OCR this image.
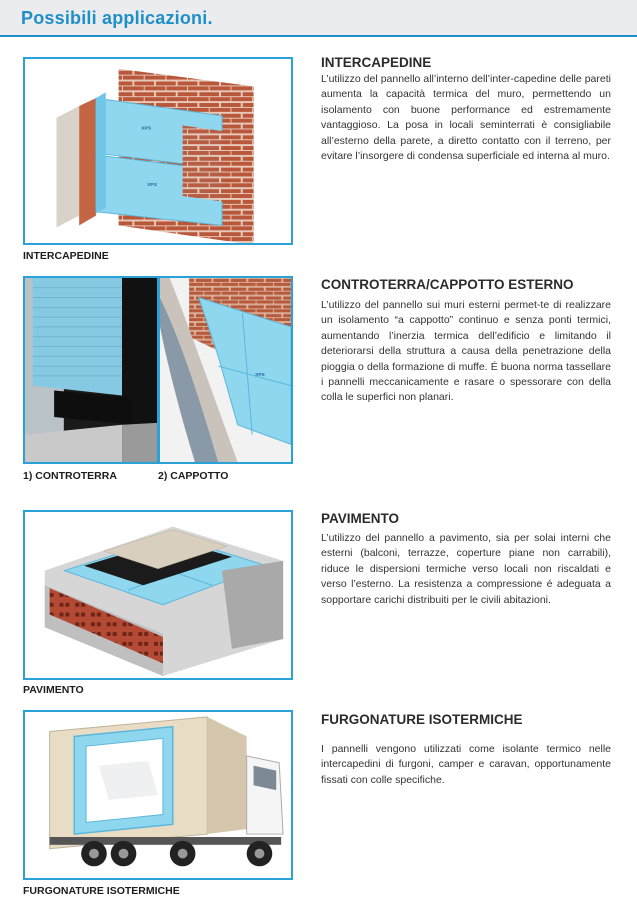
Possibili applicazioni.
XPS
XPS
INTERCAPEDINE
INTERCAPEDINE

L’utilizzo del pannello all’interno dell’inter-capedine delle pareti aumenta la capacità termica del muro, permettendo un isolamento con buone performance ed estremamente vantaggioso. La posa in locali seminterrati è consigliabile all’esterno della parete, a diretto contatto con il terreno, per evitare l’insorgere di condensa superficiale ed interna al muro.

1) CONTROTERRA
XPS
2) CAPPOTTO
CONTROTERRA/CAPPOTTO ESTERNO

L’utilizzo del pannello sui muri esterni permet-te di realizzare un isolamento “a cappotto” continuo e senza ponti termici, aumentando l’inerzia termica dell’edificio e limitando il deteriorarsi della struttura a causa della penetrazione della pioggia o della formazione di muffe. É buona norma tassellare i pannelli meccanicamente e rasare o spessorare con della colla le superfici non planari.

PAVIMENTO
PAVIMENTO

L’utilizzo del pannello a pavimento, sia per solai interni che esterni (balconi, terrazze, coperture piane non carrabili), riduce le dispersioni termiche verso locali non riscaldati e verso l’esterno. La resistenza a compressione é adeguata a sopportare carichi distribuiti per le civili abitazioni.

FURGONATURE ISOTERMICHE
FURGONATURE ISOTERMICHE

I pannelli vengono utilizzati come isolante termico nelle intercapedini di furgoni, camper e caravan, opportunamente fissati con colle specifiche.
